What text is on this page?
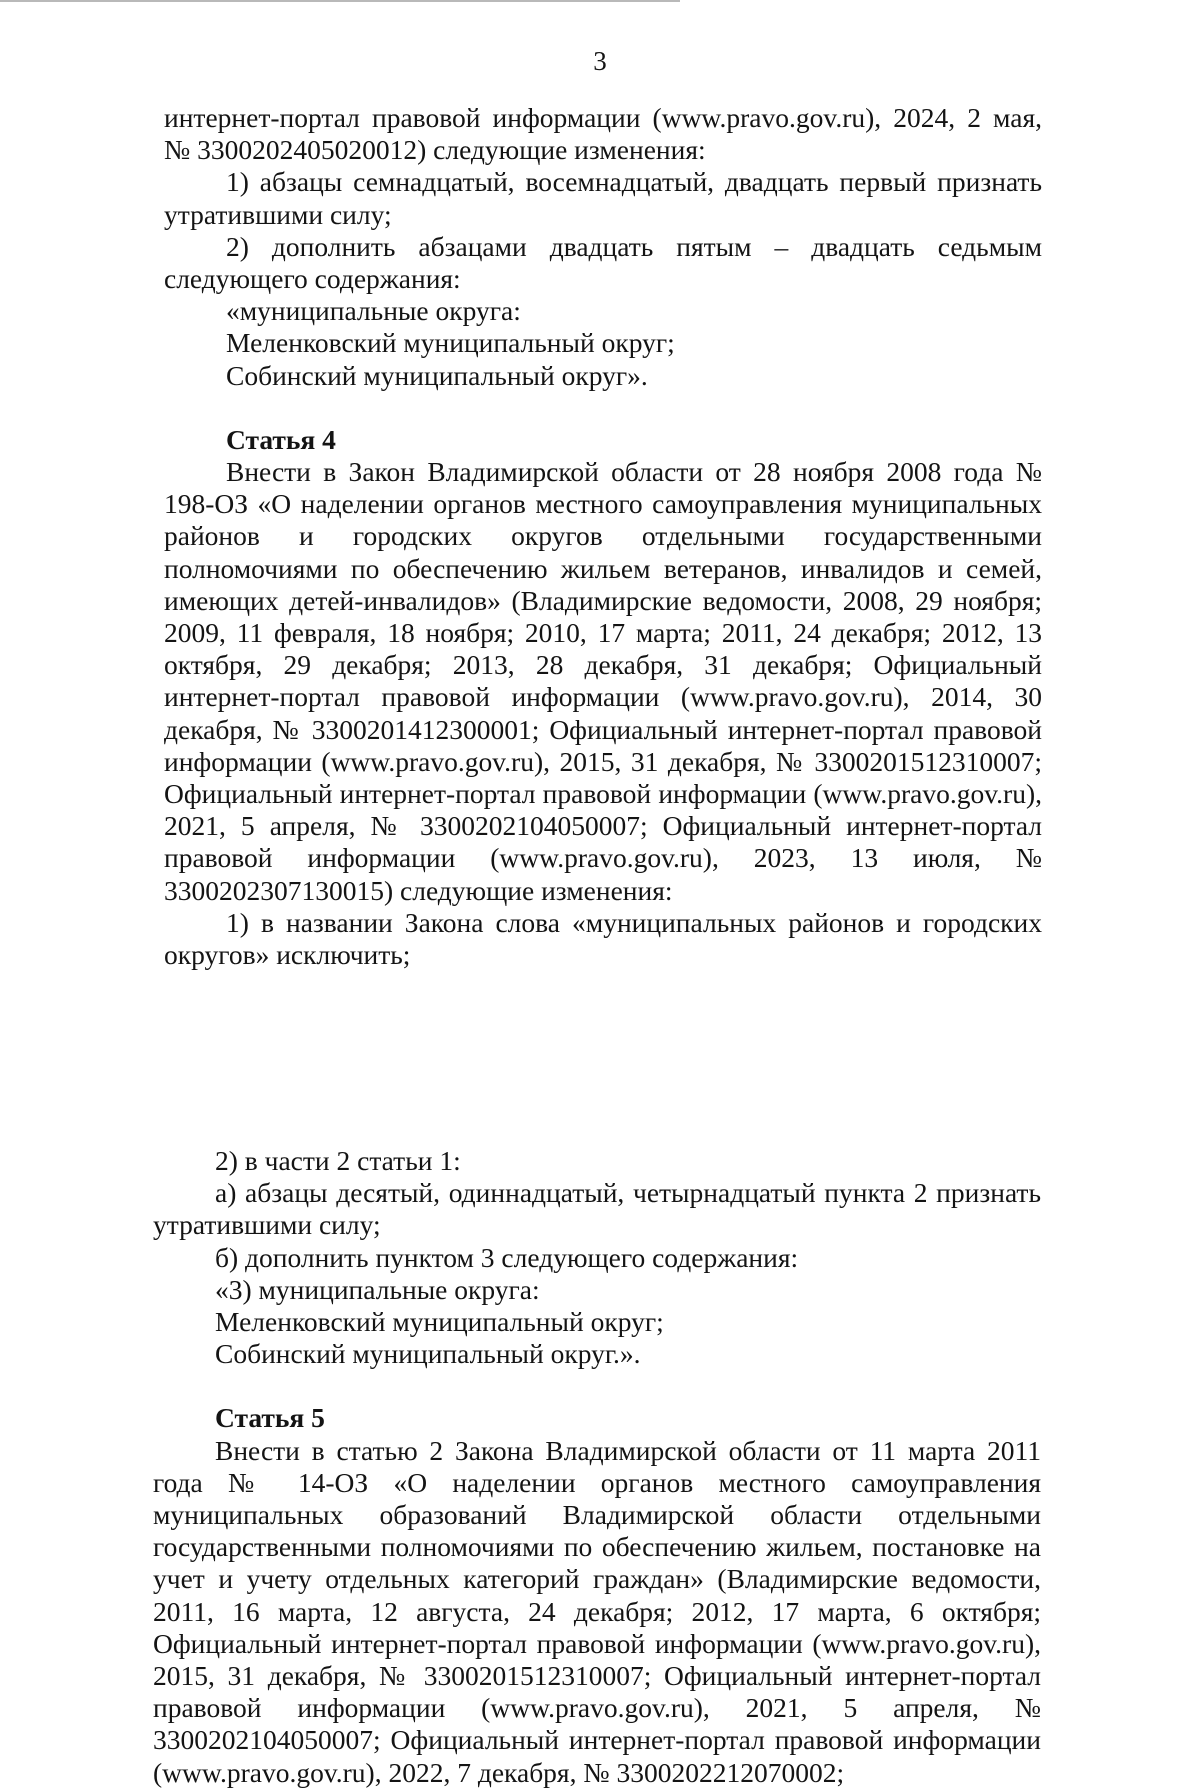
3

интернет-портал правовой информации (www.pravo.gov.ru), 2024, 2 мая, № 3300202405020012) следующие изменения:

1) абзацы семнадцатый, восемнадцатый, двадцать первый признать утратившими силу;

2) дополнить абзацами двадцать пятым – двадцать седьмым следующего содержания:

«муниципальные округа:

Меленковский муниципальный округ;

Собинский муниципальный округ».

Статья 4

Внести в Закон Владимирской области от 28 ноября 2008 года № 198-ОЗ «О наделении органов местного самоуправления муниципальных районов и городских округов отдельными государственными полномочиями по обеспечению жильем ветеранов, инвалидов и семей, имеющих детей-инвалидов» (Владимирские ведомости, 2008, 29 ноября; 2009, 11 февраля, 18 ноября; 2010, 17 марта; 2011, 24 декабря; 2012, 13 октября, 29 декабря; 2013, 28 декабря, 31 декабря; Официальный интернет-портал правовой информации (www.pravo.gov.ru), 2014, 30 декабря, № 3300201412300001; Официальный интернет-портал правовой информации (www.pravo.gov.ru), 2015, 31 декабря, № 3300201512310007; Официальный интернет-портал правовой информации (www.pravo.gov.ru), 2021, 5 апреля, № 3300202104050007; Официальный интернет-портал правовой информации (www.pravo.gov.ru), 2023, 13 июля, № 3300202307130015) следующие изменения:

1) в названии Закона слова «муниципальных районов и городских округов» исключить;

2) в части 2 статьи 1:

а) абзацы десятый, одиннадцатый, четырнадцатый пункта 2 признать утратившими силу;

б) дополнить пунктом 3 следующего содержания:

«3) муниципальные округа:

Меленковский муниципальный округ;

Собинский муниципальный округ.».

Статья 5

Внести в статью 2 Закона Владимирской области от 11 марта 2011 года № 14-ОЗ «О наделении органов местного самоуправления муниципальных образований Владимирской области отдельными государственными полномочиями по обеспечению жильем, постановке на учет и учету отдельных категорий граждан» (Владимирские ведомости, 2011, 16 марта, 12 августа, 24 декабря; 2012, 17 марта, 6 октября; Официальный интернет-портал правовой информации (www.pravo.gov.ru), 2015, 31 декабря, № 3300201512310007; Официальный интернет-портал правовой информации (www.pravo.gov.ru), 2021, 5 апреля, № 3300202104050007; Официальный интернет-портал правовой информации (www.pravo.gov.ru), 2022, 7 декабря, № 3300202212070002;
